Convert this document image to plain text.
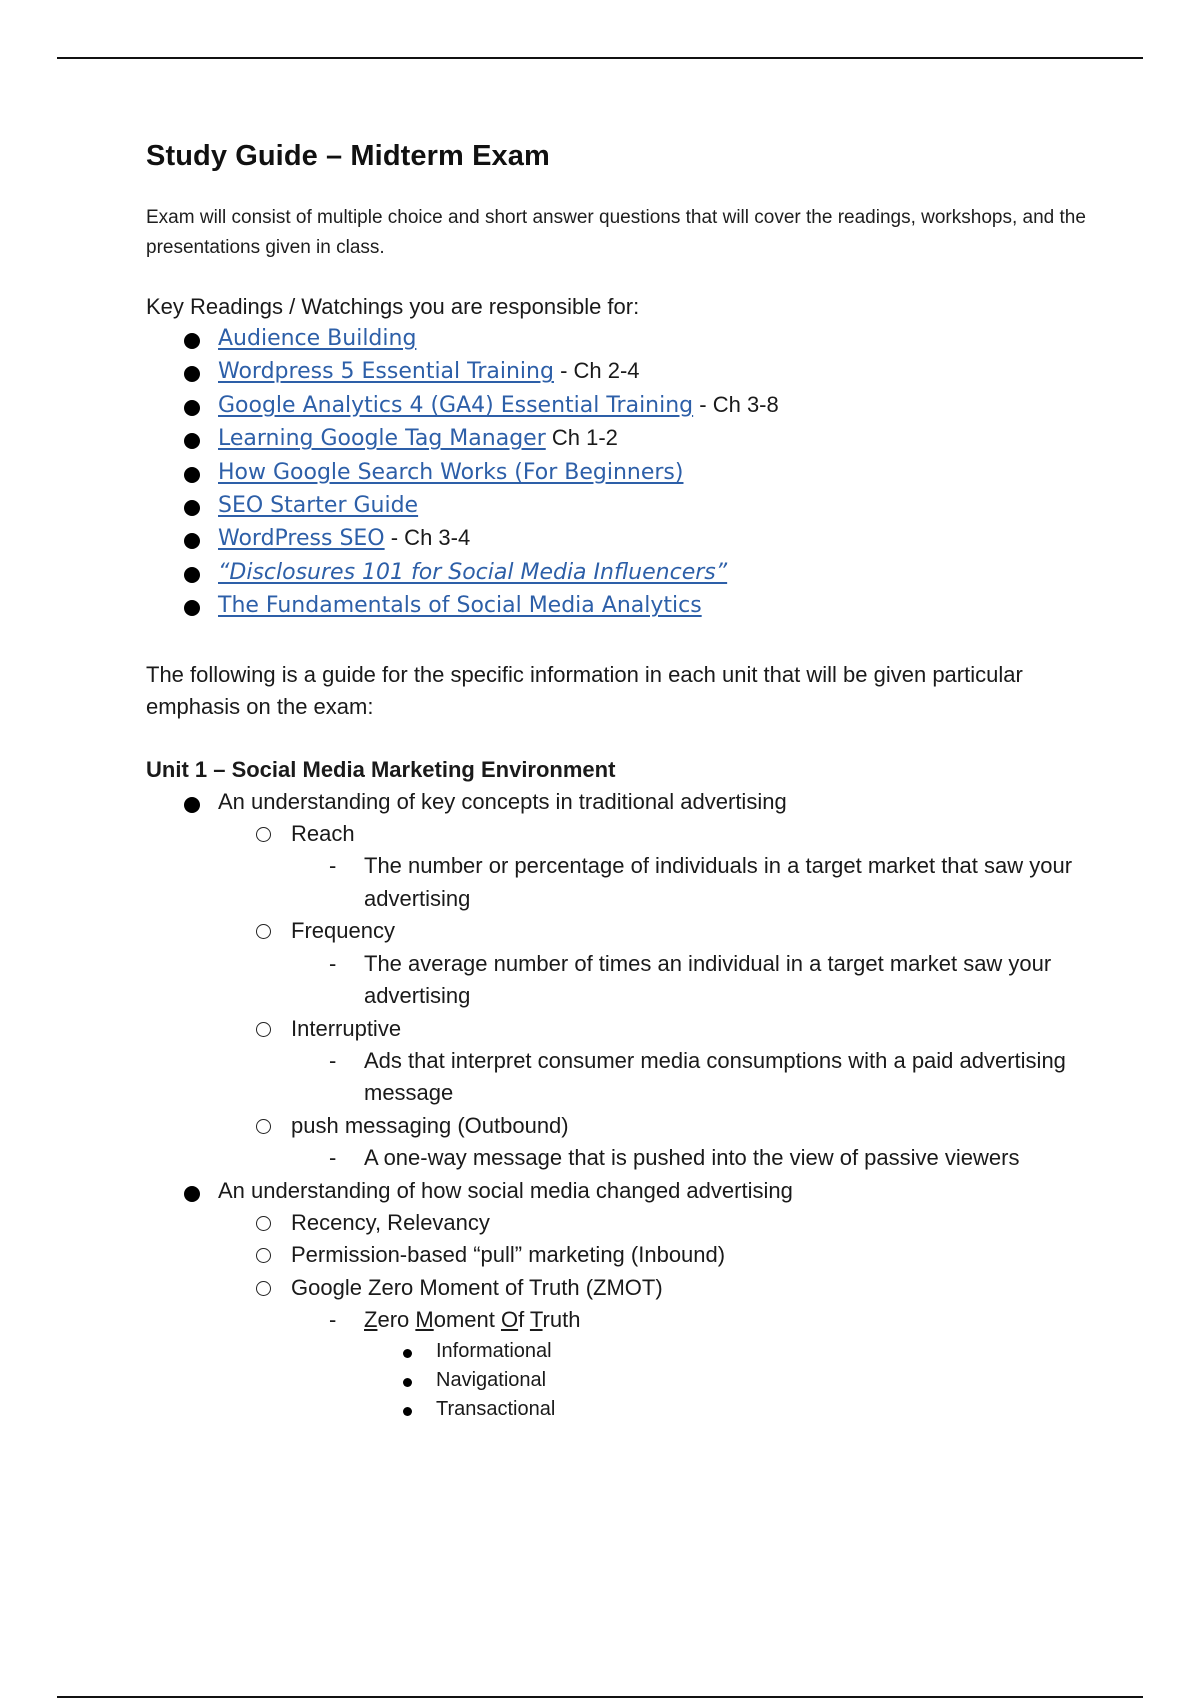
Study Guide – Midterm Exam
Exam will consist of multiple choice and short answer questions that will cover the readings, workshops, and the presentations given in class.
Key Readings / Watchings you are responsible for:
Audience Building
Wordpress 5 Essential Training - Ch 2-4
Google Analytics 4 (GA4) Essential Training - Ch 3-8
Learning Google Tag Manager Ch 1-2
How Google Search Works (For Beginners)
SEO Starter Guide
WordPress SEO - Ch 3-4
“Disclosures 101 for Social Media Influencers”
The Fundamentals of Social Media Analytics
The following is a guide for the specific information in each unit that will be given particular emphasis on the exam:
Unit 1 – Social Media Marketing Environment
An understanding of key concepts in traditional advertising
Reach
- The number or percentage of individuals in a target market that saw your advertising
Frequency
- The average number of times an individual in a target market saw your advertising
Interruptive
- Ads that interpret consumer media consumptions with a paid advertising message
push messaging (Outbound)
- A one-way message that is pushed into the view of passive viewers
An understanding of how social media changed advertising
Recency, Relevancy
Permission-based “pull” marketing (Inbound)
Google Zero Moment of Truth (ZMOT)
- Zero Moment Of Truth
Informational
Navigational
Transactional
